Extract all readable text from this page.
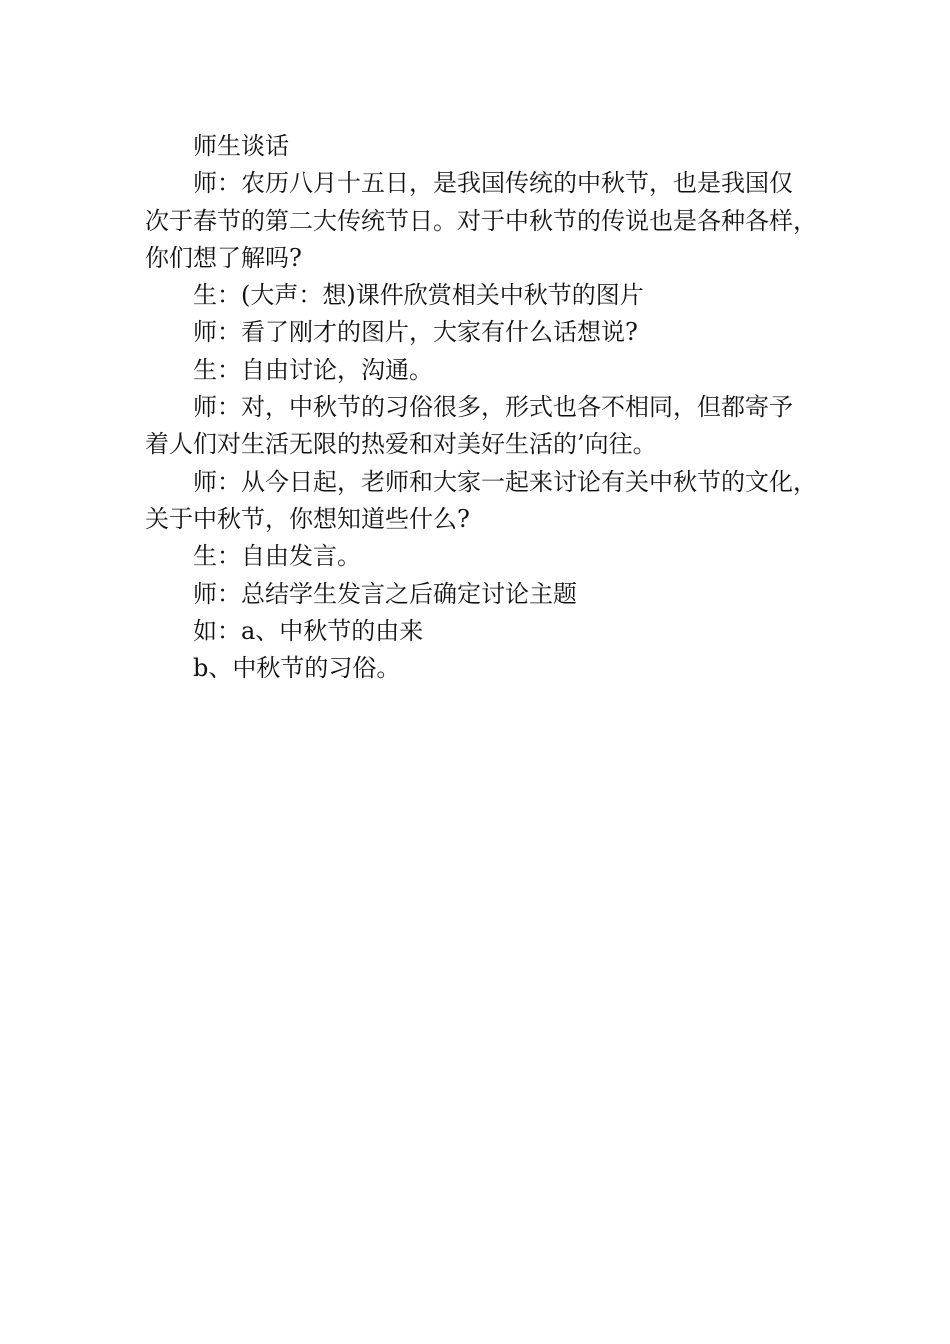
师生谈话
师：农历八月十五日，是我国传统的中秋节，也是我国仅
次于春节的第二大传统节日。对于中秋节的传说也是各种各样，
你们想了解吗?
生：(大声：想)课件欣赏相关中秋节的图片
师：看了刚才的图片，大家有什么话想说?
生：自由讨论，沟通。
师：对，中秋节的习俗很多，形式也各不相同，但都寄予
着人们对生活无限的热爱和对美好生活的’向往。
师：从今日起，老师和大家一起来讨论有关中秋节的文化，
关于中秋节，你想知道些什么?
生：自由发言。
师：总结学生发言之后确定讨论主题
如：a、中秋节的由来
b、中秋节的习俗。
